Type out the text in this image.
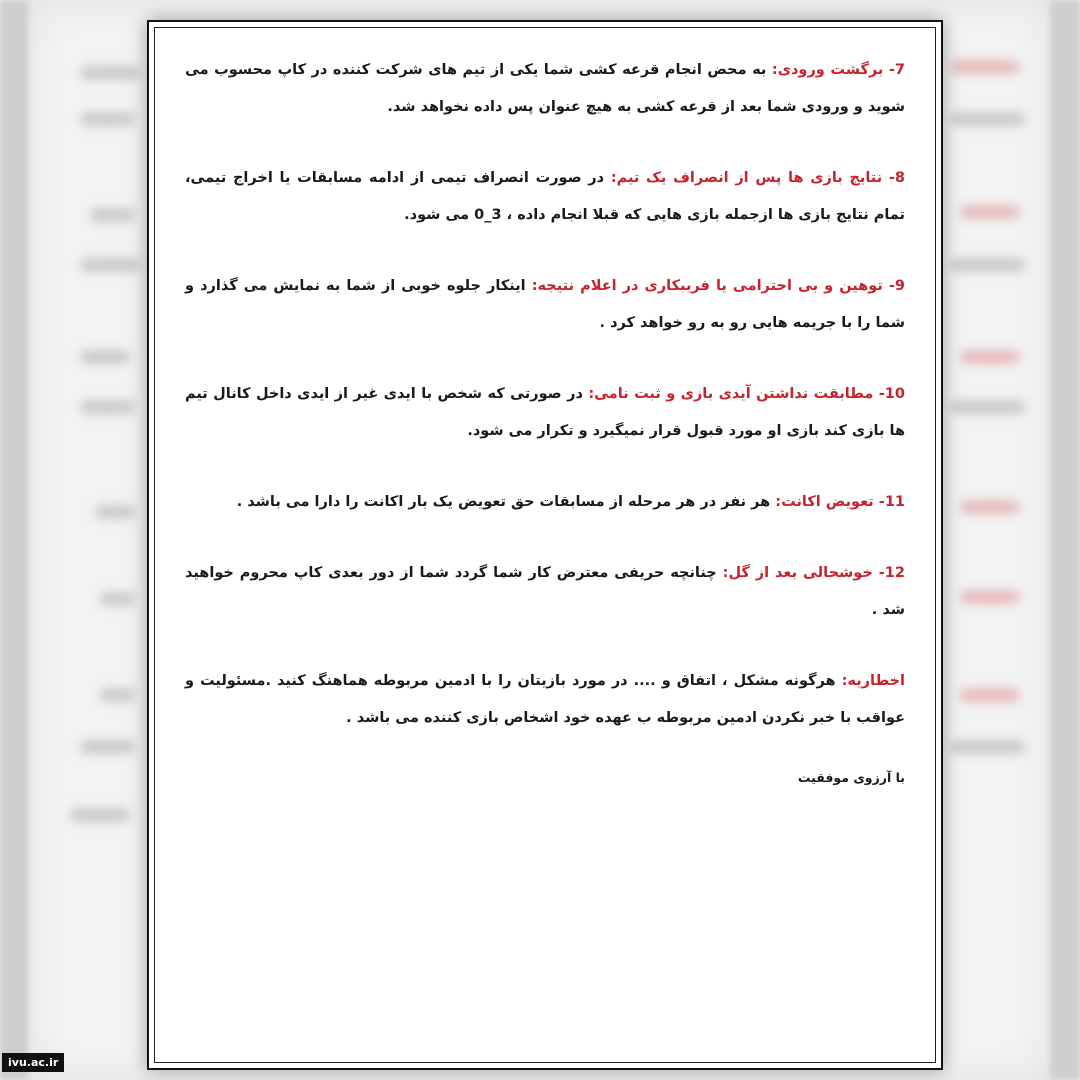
7- برگشت ورودی: به محض انجام قرعه کشی شما یکی از تیم های شرکت کننده در کاپ محسوب می شوید و ورودی شما بعد از قرعه کشی به هیچ عنوان پس داده نخواهد شد.

8- نتایج بازی ها پس از انصراف یک تیم: در صورت انصراف تیمی از ادامه مسابقات یا اخراج تیمی، تمام نتایج بازی ها ازجمله بازی هایی که قبلا انجام داده ، 3_0 می شود.

9- توهین و بی احترامی یا فریبکاری در اعلام نتیجه: اینکار جلوه خوبی از شما به نمایش می گذارد و شما را با جریمه هایی رو به رو خواهد کرد .

10- مطابقت نداشتن آیدی بازی و ثبت نامی: در صورتی که شخص با ایدی غیر از ایدی داخل کانال تیم ها بازی کند بازی او مورد قبول قرار نمیگیرد و تکرار می شود.

11- تعویض اکانت: هر نفر در هر مرحله از مسابقات حق تعویض یک بار اکانت را دارا می باشد .

12- خوشحالی بعد از گل: چنانچه حریفی معترض کار شما گردد شما از دور بعدی کاپ محروم خواهید شد .

اخطاریه: هرگونه مشکل ، اتفاق و .... در مورد بازیتان را با ادمین مربوطه هماهنگ کنید .مسئولیت و عواقب با خبر نکردن ادمین مربوطه ب عهده خود اشخاص بازی کننده می باشد .

با آرزوی موفقیت

ivu.ac.ir
